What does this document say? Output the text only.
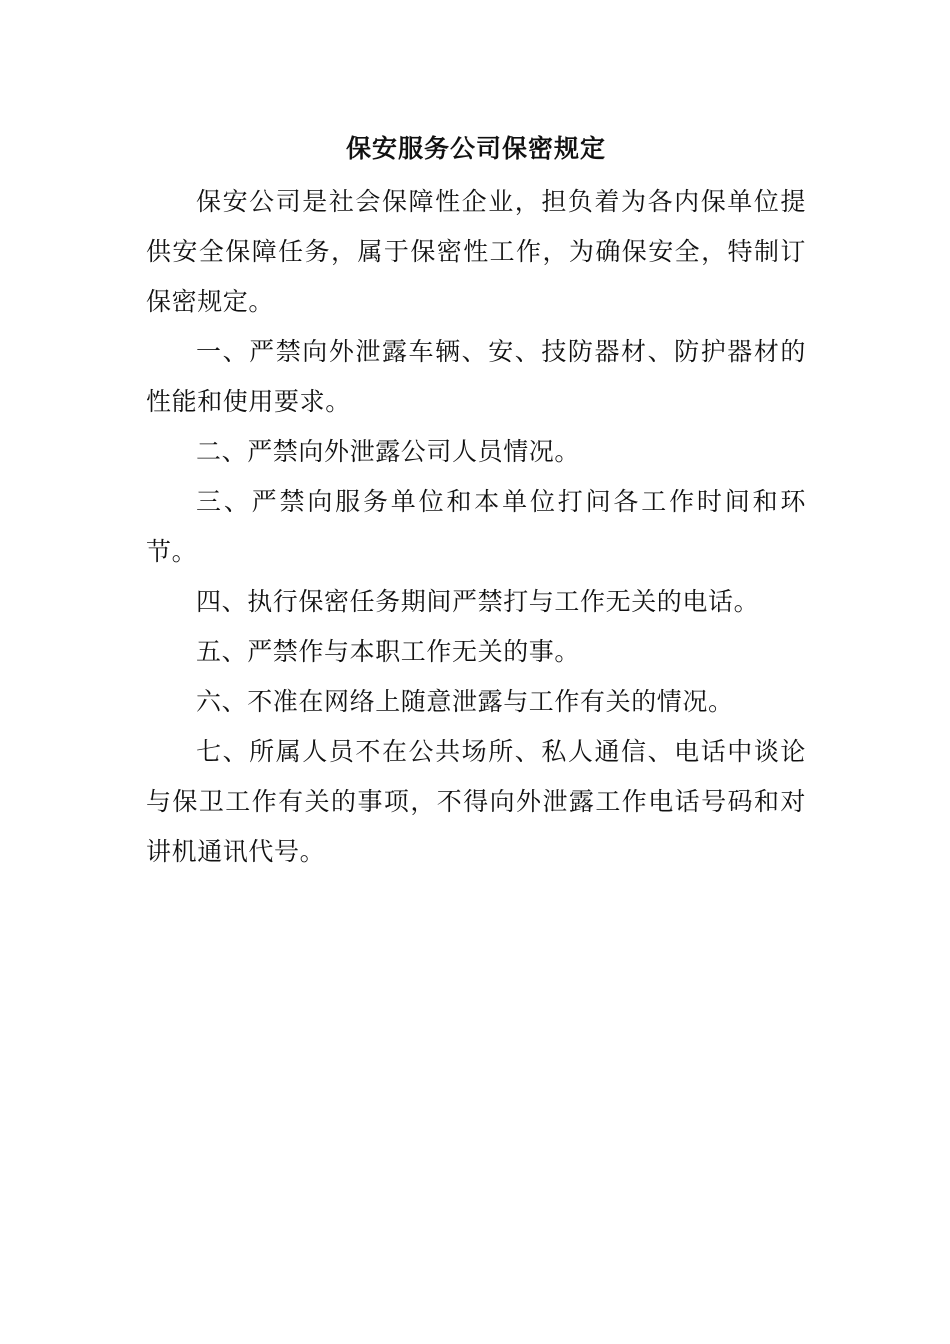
保安服务公司保密规定

保安公司是社会保障性企业，担负着为各内保单位提供安全保障任务，属于保密性工作，为确保安全，特制订保密规定。

一、严禁向外泄露车辆、安、技防器材、防护器材的性能和使用要求。

二、严禁向外泄露公司人员情况。

三、严禁向服务单位和本单位打问各工作时间和环节。

四、执行保密任务期间严禁打与工作无关的电话。

五、严禁作与本职工作无关的事。

六、不准在网络上随意泄露与工作有关的情况。

七、所属人员不在公共场所、私人通信、电话中谈论与保卫工作有关的事项，不得向外泄露工作电话号码和对讲机通讯代号。
